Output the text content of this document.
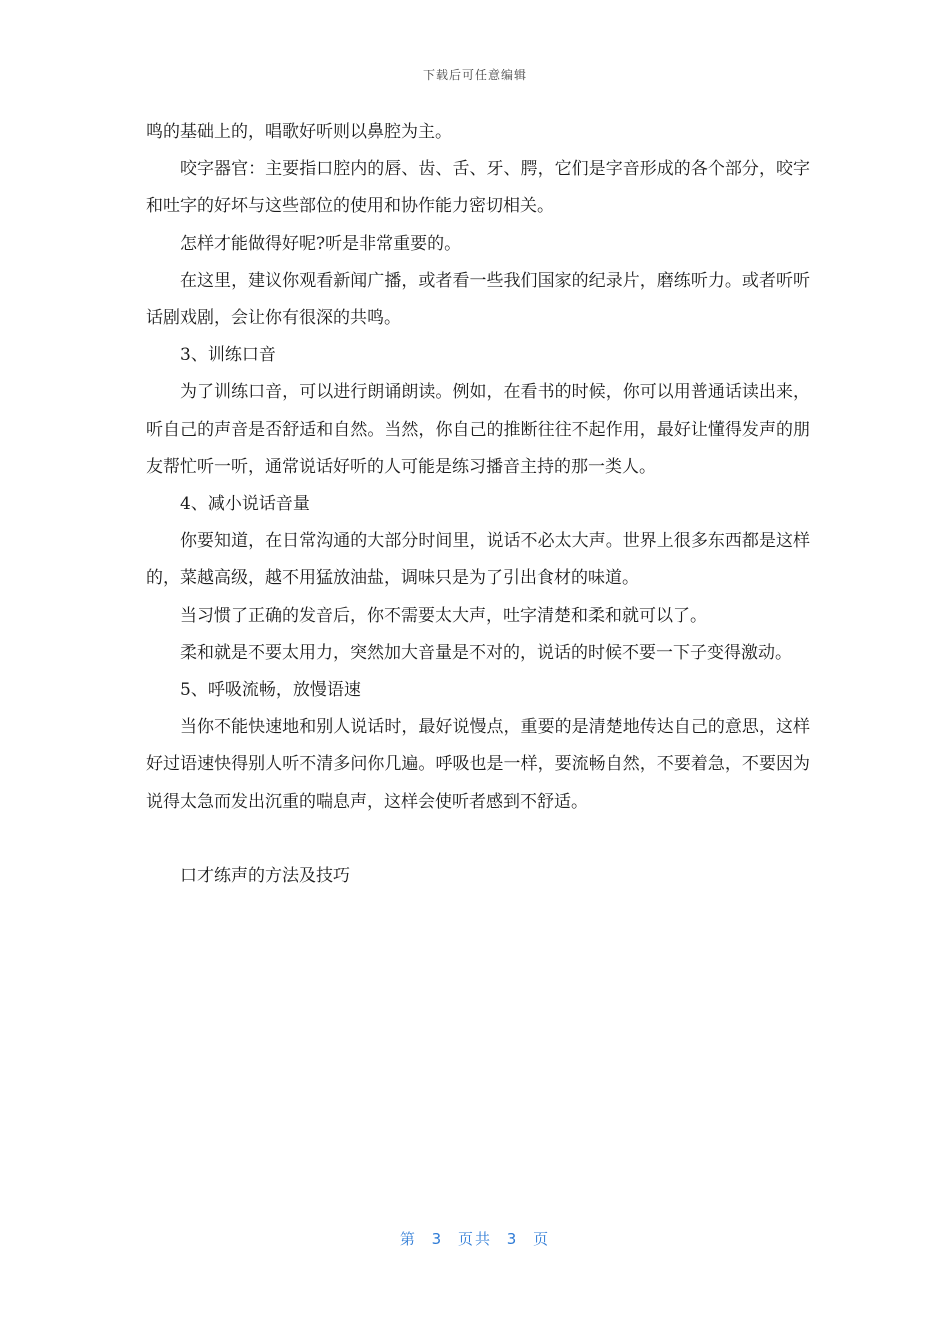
下载后可任意编辑

鸣的基础上的，唱歌好听则以鼻腔为主。

咬字器官：主要指口腔内的唇、齿、舌、牙、腭，它们是字音形成的各个部分，咬字和吐字的好坏与这些部位的使用和协作能力密切相关。

怎样才能做得好呢?听是非常重要的。

在这里，建议你观看新闻广播，或者看一些我们国家的纪录片，磨练听力。或者听听话剧戏剧，会让你有很深的共鸣。

3、训练口音

为了训练口音，可以进行朗诵朗读。例如，在看书的时候，你可以用普通话读出来，听自己的声音是否舒适和自然。当然，你自己的推断往往不起作用，最好让懂得发声的朋友帮忙听一听，通常说话好听的人可能是练习播音主持的那一类人。

4、减小说话音量

你要知道，在日常沟通的大部分时间里，说话不必太大声。世界上很多东西都是这样的，菜越高级，越不用猛放油盐，调味只是为了引出食材的味道。

当习惯了正确的发音后，你不需要太大声，吐字清楚和柔和就可以了。

柔和就是不要太用力，突然加大音量是不对的，说话的时候不要一下子变得激动。

5、呼吸流畅，放慢语速

当你不能快速地和别人说话时，最好说慢点，重要的是清楚地传达自己的意思，这样好过语速快得别人听不清多问你几遍。呼吸也是一样，要流畅自然，不要着急，不要因为说得太急而发出沉重的喘息声，这样会使听者感到不舒适。

口才练声的方法及技巧

第 3 页共 3 页
